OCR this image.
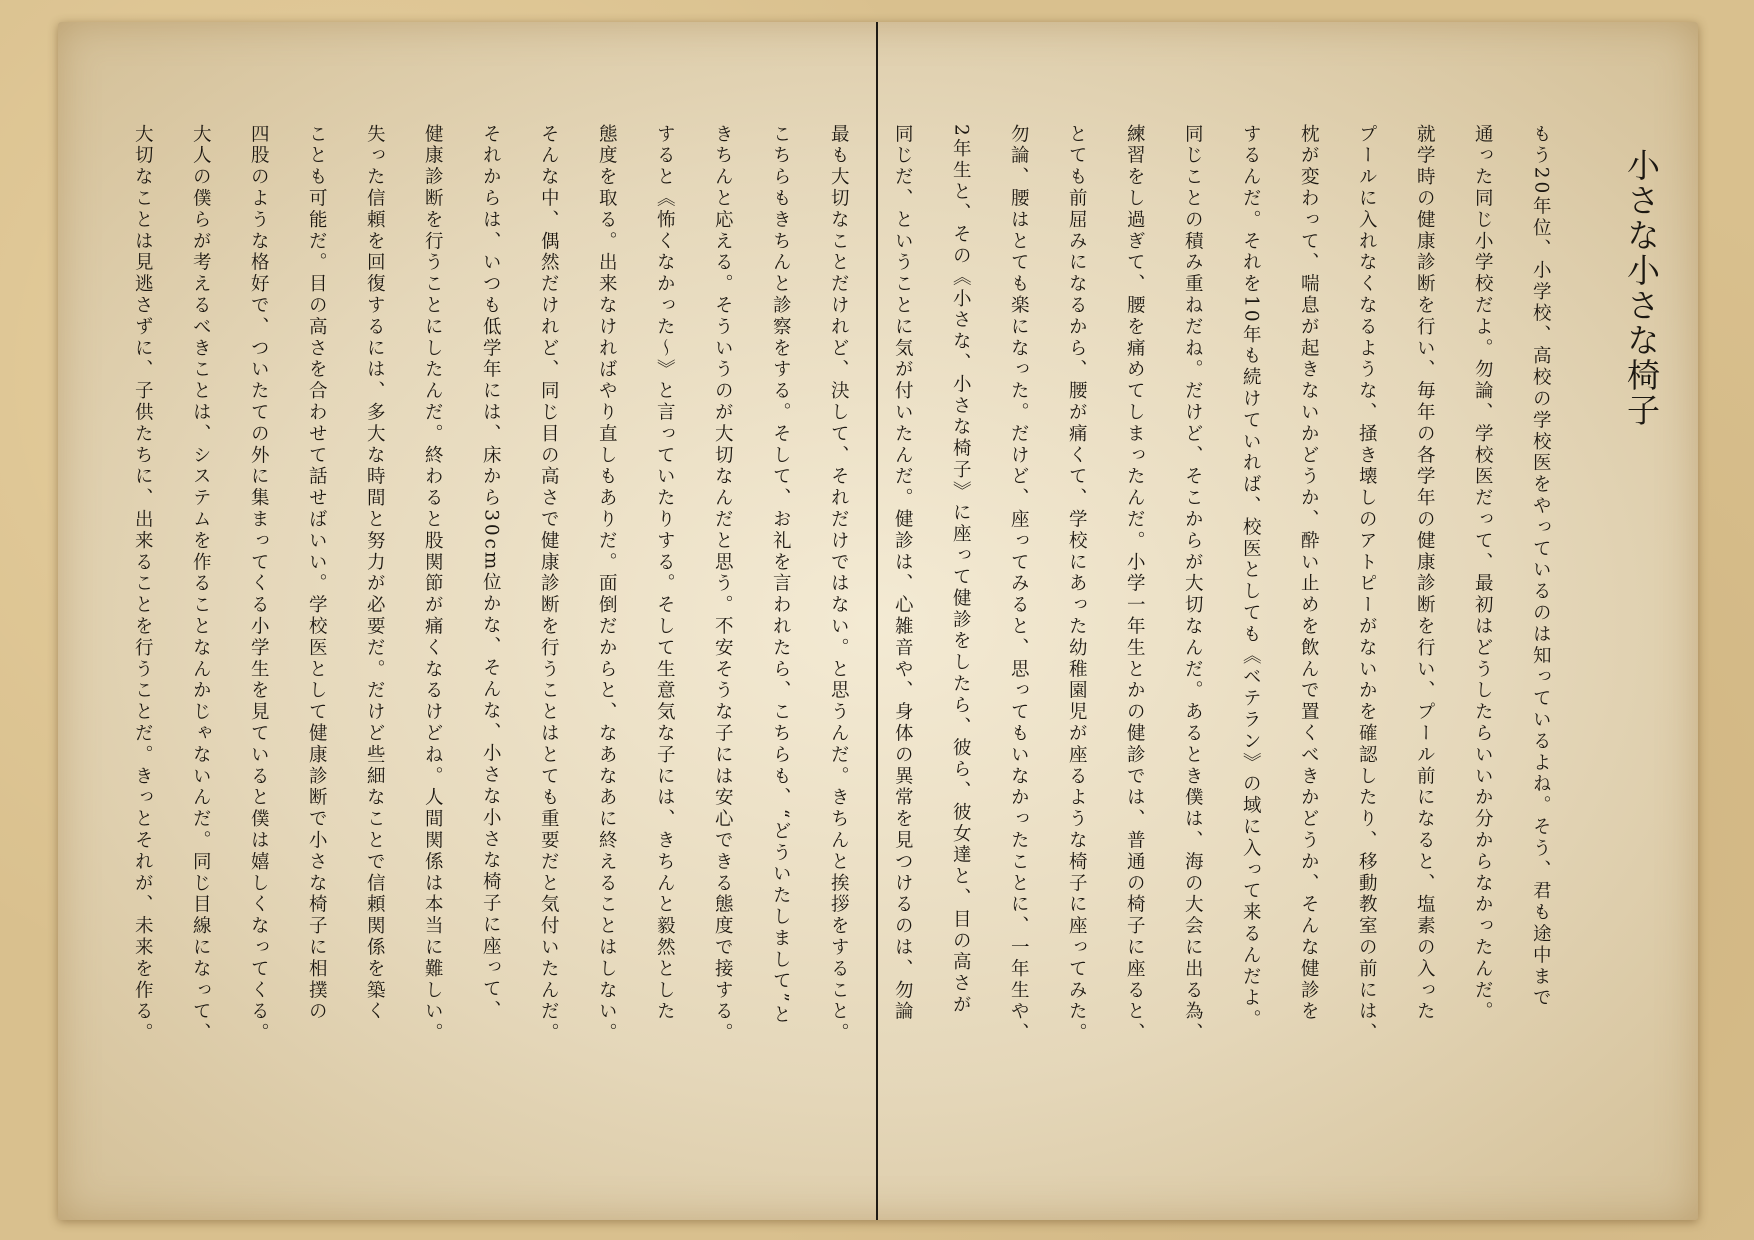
小さな小さな椅子
もう20年位、小学校、高校の学校医をやっているのは知っているよね。そう、君も途中まで
通った同じ小学校だよ。勿論、学校医だって、最初はどうしたらいいか分からなかったんだ。
就学時の健康診断を行い、毎年の各学年の健康診断を行い、プール前になると、塩素の入った
プールに入れなくなるような、掻き壊しのアトピーがないかを確認したり、移動教室の前には、
枕が変わって、喘息が起きないかどうか、酔い止めを飲んで置くべきかどうか、そんな健診を
するんだ。それを10年も続けていれば、校医としても《ベテラン》の域に入って来るんだよ。
同じことの積み重ねだね。だけど、そこからが大切なんだ。あるとき僕は、海の大会に出る為、
練習をし過ぎて、腰を痛めてしまったんだ。小学一年生とかの健診では、普通の椅子に座ると、
とても前屈みになるから、腰が痛くて、学校にあった幼稚園児が座るような椅子に座ってみた。
勿論、腰はとても楽になった。だけど、座ってみると、思ってもいなかったことに、一年生や、
2年生と、その《小さな、小さな椅子》に座って健診をしたら、彼ら、彼女達と、目の高さが
同じだ、ということに気が付いたんだ。健診は、心雑音や、身体の異常を見つけるのは、勿論
最も大切なことだけれど、決して、それだけではない。と思うんだ。きちんと挨拶をすること。
こちらもきちんと診察をする。そして、お礼を言われたら、こちらも、“どういたしまして”と
きちんと応える。そういうのが大切なんだと思う。不安そうな子には安心できる態度で接する。
すると《怖くなかった〜》と言っていたりする。そして生意気な子には、きちんと毅然とした
態度を取る。出来なければやり直しもありだ。面倒だからと、なあなあに終えることはしない。
そんな中、偶然だけれど、同じ目の高さで健康診断を行うことはとても重要だと気付いたんだ。
それからは、いつも低学年には、床から30cm位かな、そんな、小さな小さな椅子に座って、
健康診断を行うことにしたんだ。終わると股関節が痛くなるけどね。人間関係は本当に難しい。
失った信頼を回復するには、多大な時間と努力が必要だ。だけど些細なことで信頼関係を築く
ことも可能だ。目の高さを合わせて話せばいい。学校医として健康診断で小さな椅子に相撲の
四股のような格好で、ついたての外に集まってくる小学生を見ていると僕は嬉しくなってくる。
大人の僕らが考えるべきことは、システムを作ることなんかじゃないんだ。同じ目線になって、
大切なことは見逃さずに、子供たちに、出来ることを行うことだ。きっとそれが、未来を作る。
